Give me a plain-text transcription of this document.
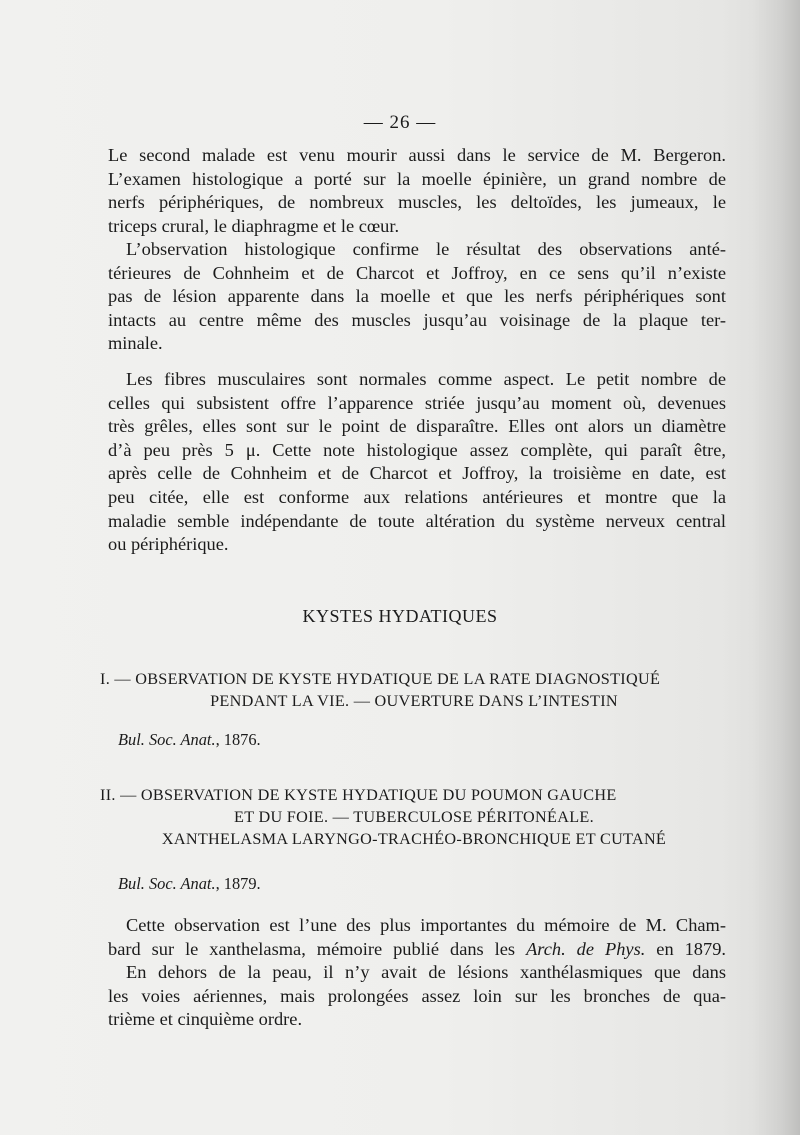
— 26 —
Le second malade est venu mourir aussi dans le service de M. Bergeron.
L’examen histologique a porté sur la moelle épinière, un grand nombre de
nerfs périphériques, de nombreux muscles, les deltoïdes, les jumeaux, le
triceps crural, le diaphragme et le cœur.
L’observation histologique confirme le résultat des observations anté-
térieures de Cohnheim et de Charcot et Joffroy, en ce sens qu’il n’existe
pas de lésion apparente dans la moelle et que les nerfs périphériques sont
intacts au centre même des muscles jusqu’au voisinage de la plaque ter-
minale.
Les fibres musculaires sont normales comme aspect. Le petit nombre de
celles qui subsistent offre l’apparence striée jusqu’au moment où, devenues
très grêles, elles sont sur le point de disparaître. Elles ont alors un diamètre
d’à peu près 5 μ. Cette note histologique assez complète, qui paraît être,
après celle de Cohnheim et de Charcot et Joffroy, la troisième en date, est
peu citée, elle est conforme aux relations antérieures et montre que la
maladie semble indépendante de toute altération du système nerveux central
ou périphérique.
KYSTES HYDATIQUES
I. — OBSERVATION DE KYSTE HYDATIQUE DE LA RATE DIAGNOSTIQUÉ
PENDANT LA VIE. — OUVERTURE DANS L’INTESTIN
Bul. Soc. Anat., 1876.
II. — OBSERVATION DE KYSTE HYDATIQUE DU POUMON GAUCHE
ET DU FOIE. — TUBERCULOSE PÉRITONÉALE.
XANTHELASMA LARYNGO-TRACHÉO-BRONCHIQUE ET CUTANÉ
Bul. Soc. Anat., 1879.
Cette observation est l’une des plus importantes du mémoire de M. Cham-
bard sur le xanthelasma, mémoire publié dans les Arch. de Phys. en 1879.
En dehors de la peau, il n’y avait de lésions xanthélasmiques que dans
les voies aériennes, mais prolongées assez loin sur les bronches de qua-
trième et cinquième ordre.
